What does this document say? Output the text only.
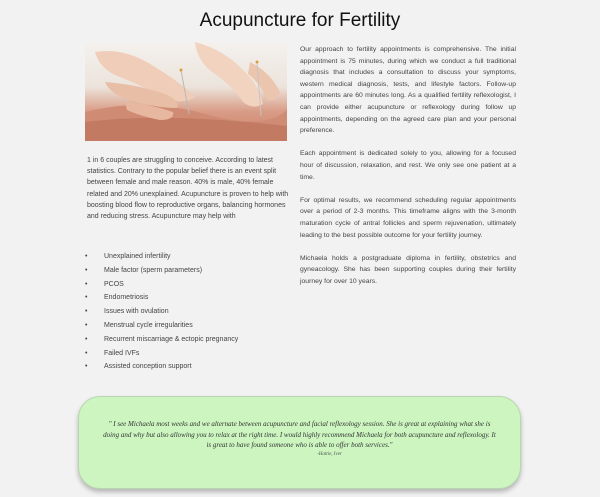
Acupuncture for Fertility

1 in 6 couples are struggling to conceive. According to latest statistics. Contrary to the popular belief there is an event split between female and male reason. 40% is male, 40% female related and 20% unexplained. Acupuncture is proven to help with boosting blood flow to reproductive organs, balancing hormones and reducing stress. Acupuncture may help with

• Unexplained infertility
• Male factor (sperm parameters)
• PCOS
• Endometriosis
• Issues with ovulation
• Menstrual cycle irregularities
• Recurrent miscarriage & ectopic pregnancy
• Failed IVFs
• Assisted conception support

Our approach to fertility appointments is comprehensive. The initial appointment is 75 minutes, during which we conduct a full traditional diagnosis that includes a consultation to discuss your symptoms, western medical diagnosis, tests, and lifestyle factors. Follow-up appointments are 60 minutes long. As a qualified fertility reflexologist, I can provide either acupuncture or reflexology during follow up appointments, depending on the agreed care plan and your personal preference.

Each appointment is dedicated solely to you, allowing for a focused hour of discussion, relaxation, and rest. We only see one patient at a time.

For optimal results, we recommend scheduling regular appointments over a period of 2-3 months. This timeframe aligns with the 3-month maturation cycle of antral follicles and sperm rejuvenation, ultimately leading to the best possible outcome for your fertility journey.

Michaela holds a postgraduate diploma in fertility, obstetrics and gyneacology. She has been supporting couples during their fertility journey for over 10 years.

" I see Michaela most weeks and we alternate between acupuncture and facial reflexology session. She is great at explaining what she is doing and why but also allowing you to relax at the right time. I would highly recommend Michaela for both acupuncture and reflexology. It is great to have found someone who is able to offer both services."

-Hattie, Iver
